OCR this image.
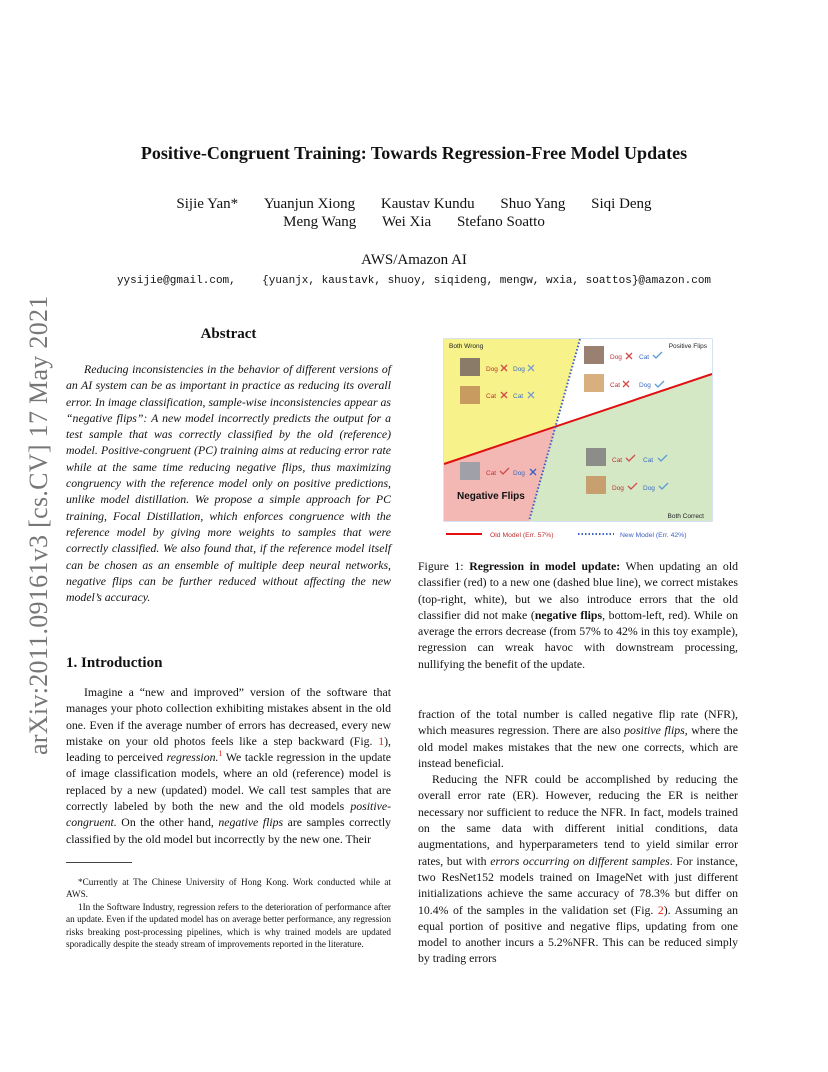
arXiv:2011.09161v3 [cs.CV] 17 May 2021
Positive-Congruent Training: Towards Regression-Free Model Updates
Sijie Yan* Yuanjun Xiong Kaustav Kundu Shuo Yang Siqi Deng
Meng Wang Wei Xia Stefano Soatto
AWS/Amazon AI
yysijie@gmail.com,    {yuanjx, kaustavk, shuoy, siqideng, mengw, wxia, soattos}@amazon.com
Abstract
Reducing inconsistencies in the behavior of different versions of an AI system can be as important in practice as reducing its overall error. In image classification, sample-wise inconsistencies appear as “negative flips”: A new model incorrectly predicts the output for a test sample that was correctly classified by the old (reference) model. Positive-congruent (PC) training aims at reducing error rate while at the same time reducing negative flips, thus maximizing congruency with the reference model only on positive predictions, unlike model distillation. We propose a simple approach for PC training, Focal Distillation, which enforces congruence with the reference model by giving more weights to samples that were correctly classified. We also found that, if the reference model itself can be chosen as an ensemble of multiple deep neural networks, negative flips can be further reduced without affecting the new model’s accuracy.
1. Introduction
Imagine a “new and improved” version of the software that manages your photo collection exhibiting mistakes absent in the old one. Even if the average number of errors has decreased, every new mistake on your old photos feels like a step backward (Fig. 1), leading to perceived regression.$^1$ We tackle regression in the update of image classification models, where an old (reference) model is replaced by a new (updated) model. We call test samples that are correctly labeled by both the new and the old models positive-congruent. On the other hand, negative flips are samples correctly classified by the old model but incorrectly by the new one. Their
*Currently at The Chinese University of Hong Kong. Work conducted while at AWS.
1In the Software Industry, regression refers to the deterioration of performance after an update. Even if the updated model has on average better performance, any regression risks breaking post-processing pipelines, which is why trained models are updated sporadically despite the steady stream of improvements reported in the literature.
Both Wrong	Positive Flips
Negative Flips
Both Correct
Dog
Cat
Dog
Cat
Cat
Cat
Dog
Dog
Cat
Cat
Dog
Dog
Cat
Dog
Old Model (Err. 57%)	New Model (Err. 42%)
Figure 1: Regression in model update: When updating an old classifier (red) to a new one (dashed blue line), we correct mistakes (top-right, white), but we also introduce errors that the old classifier did not make (negative flips, bottom-left, red). While on average the errors decrease (from 57% to 42% in this toy example), regression can wreak havoc with downstream processing, nullifying the benefit of the update.
fraction of the total number is called negative flip rate (NFR), which measures regression. There are also positive flips, where the old model makes mistakes that the new one corrects, which are instead beneficial.
Reducing the NFR could be accomplished by reducing the overall error rate (ER). However, reducing the ER is neither necessary nor sufficient to reduce the NFR. In fact, models trained on the same data with different initial conditions, data augmentations, and hyperparameters tend to yield similar error rates, but with errors occurring on different samples. For instance, two ResNet152 models trained on ImageNet with just different initializations achieve the same accuracy of 78.3% but differ on 10.4% of the samples in the validation set (Fig. 2). Assuming an equal portion of positive and negative flips, updating from one model to another incurs a 5.2%NFR. This can be reduced simply by trading errors
